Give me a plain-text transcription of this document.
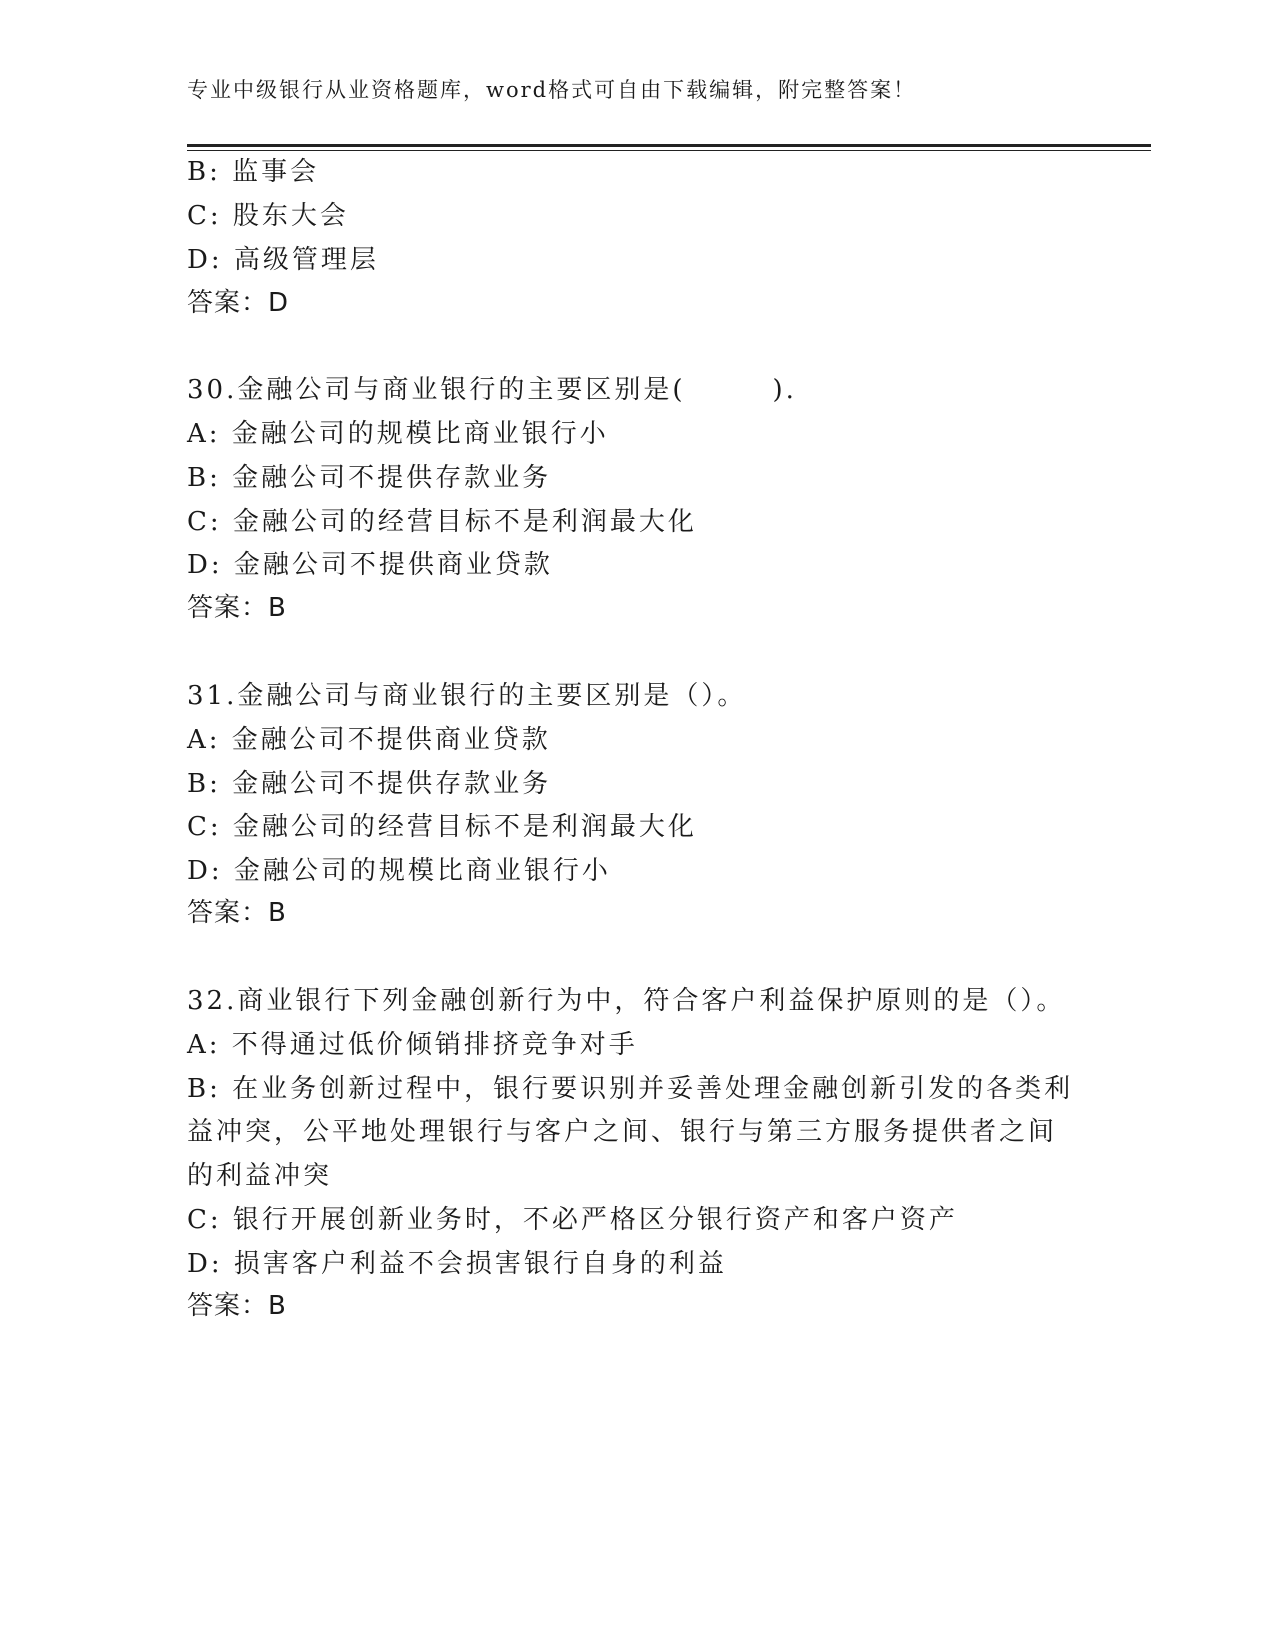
专业中级银行从业资格题库，word格式可自由下载编辑，附完整答案！
B: 监事会
C: 股东大会
D: 高级管理层
答案：D
30.金融公司与商业银行的主要区别是(　　　).
A: 金融公司的规模比商业银行小
B: 金融公司不提供存款业务
C: 金融公司的经营目标不是利润最大化
D: 金融公司不提供商业贷款
答案：B
31.金融公司与商业银行的主要区别是（）。
A: 金融公司不提供商业贷款
B: 金融公司不提供存款业务
C: 金融公司的经营目标不是利润最大化
D: 金融公司的规模比商业银行小
答案：B
32.商业银行下列金融创新行为中，符合客户利益保护原则的是（）。
A: 不得通过低价倾销排挤竞争对手
B: 在业务创新过程中，银行要识别并妥善处理金融创新引发的各类利
益冲突，公平地处理银行与客户之间、银行与第三方服务提供者之间
的利益冲突
C: 银行开展创新业务时，不必严格区分银行资产和客户资产
D: 损害客户利益不会损害银行自身的利益
答案：B
